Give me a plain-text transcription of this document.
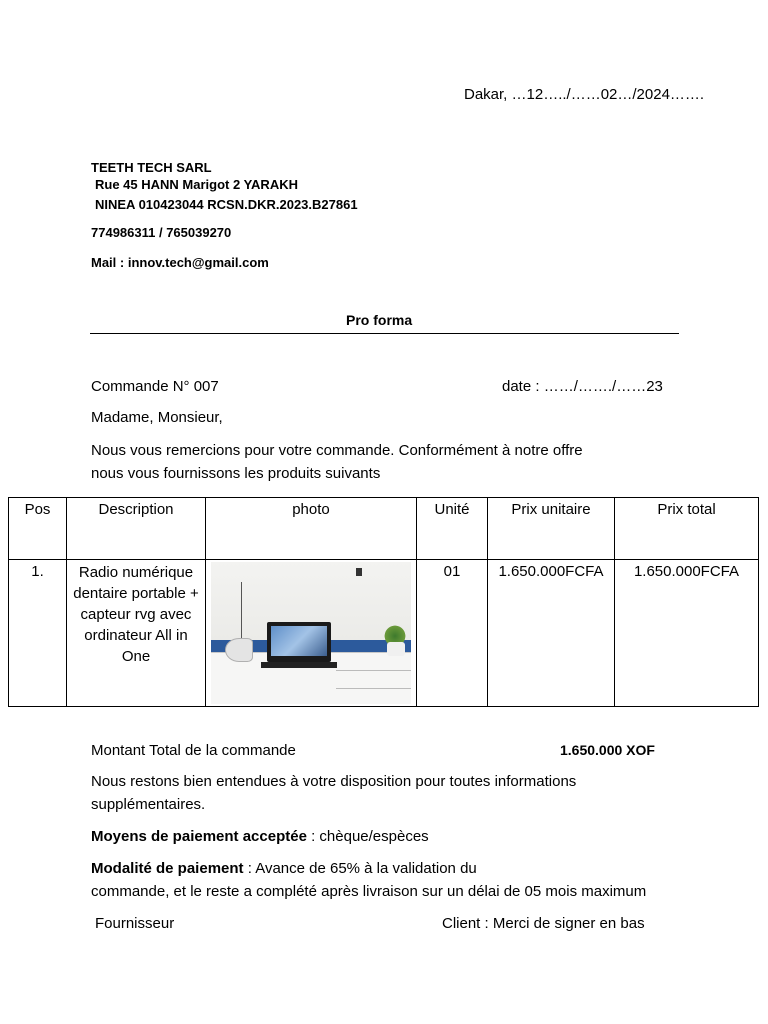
Dakar, …12…../……02…/2024…….
TEETH TECH SARL
Rue 45 HANN Marigot 2 YARAKH
NINEA 010423044 RCSN.DKR.2023.B27861
774986311 / 765039270
Mail : innov.tech@gmail.com
Pro forma
Commande N° 007	date : ……/……./……23
Madame, Monsieur,
Nous vous remercions pour votre commande. Conformément à notre offre
nous vous fournissons les produits suivants
Pos	Description	photo	Unité	Prix unitaire	Prix total
1.	Radio numérique dentaire portable + capteur rvg avec ordinateur All in One		01	1.650.000FCFA	1.650.000FCFA
Montant Total de la commande	1.650.000 XOF
Nous restons bien entendues à votre disposition pour toutes informations
supplémentaires.
Moyens de paiement acceptée : chèque/espèces
Modalité de paiement : Avance de 65% à la validation du
commande, et le reste a complété après livraison sur un délai de 05 mois maximum
Fournisseur	Client : Merci de signer en bas
